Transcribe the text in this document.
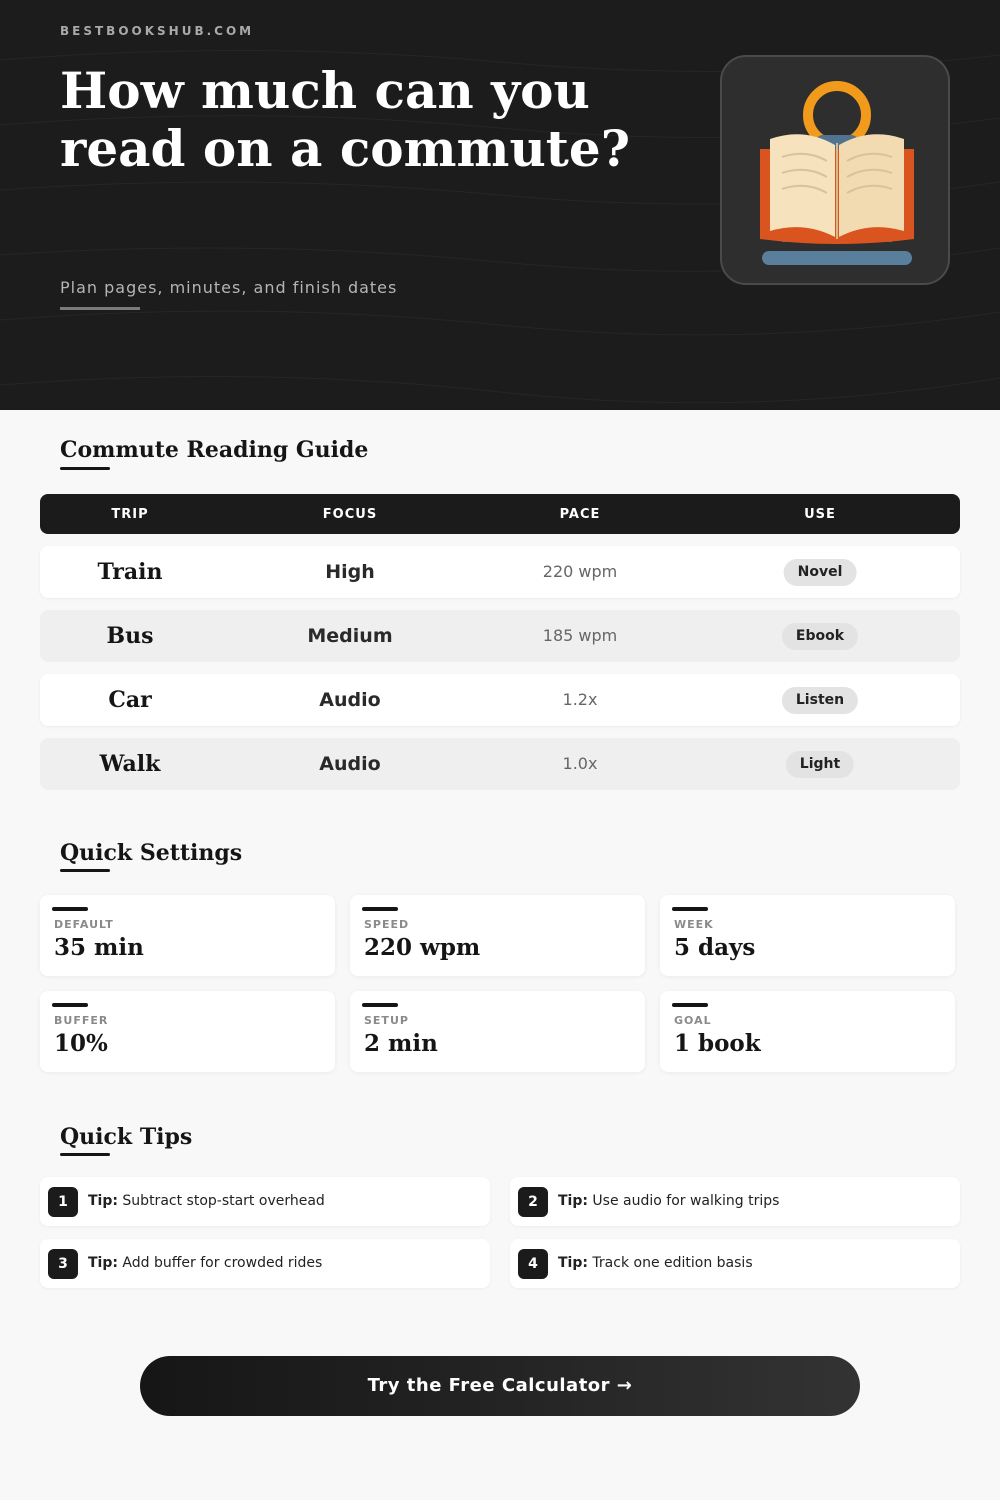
BESTBOOKSHUB.COM
How much can you read on a commute?
Plan pages, minutes, and finish dates
Commute Reading Guide
TRIP	FOCUS	PACE	USE
Train	High	220 wpm	Novel
Bus	Medium	185 wpm	Ebook
Car	Audio	1.2x	Listen
Walk	Audio	1.0x	Light
Quick Settings
DEFAULT
35 min
SPEED
220 wpm
WEEK
5 days
BUFFER
10%
SETUP
2 min
GOAL
1 book
Quick Tips
1	Tip: Subtract stop-start overhead	2	Tip: Use audio for walking trips
3	Tip: Add buffer for crowded rides	4	Tip: Track one edition basis
Try the Free Calculator →
